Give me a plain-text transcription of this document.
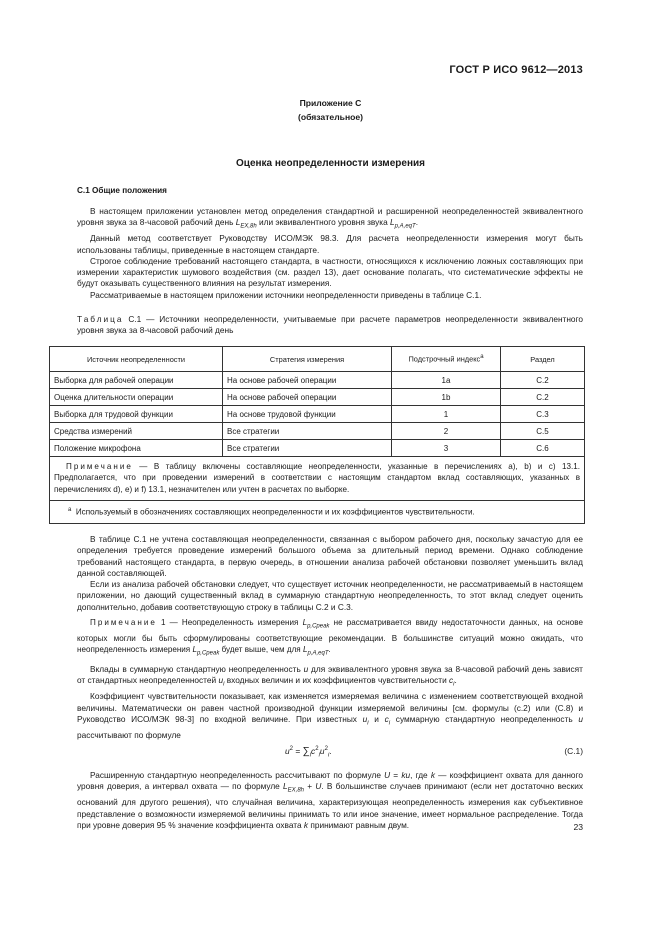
ГОСТ Р ИСО 9612—2013
Приложение С
(обязательное)
Оценка неопределенности измерения
С.1 Общие положения

В настоящем приложении установлен метод определения стандартной и расширенной неопределенностей эквивалентного уровня звука за 8-часовой рабочий день $L_{EX,8h}$ или эквивалентного уровня звука $L_{p,A,eqT}$.

Данный метод соответствует Руководству ИСО/МЭК 98.3. Для расчета неопределенности измерения могут быть использованы таблицы, приведенные в настоящем стандарте.

Строгое соблюдение требований настоящего стандарта, в частности, относящихся к исключению ложных составляющих при измерении характеристик шумового воздействия (см. раздел 13), дает основание полагать, что систематические эффекты не будут оказывать существенного влияния на результат измерения.

Рассматриваемые в настоящем приложении источники неопределенности приведены в таблице С.1.

Таблица С.1 — Источники неопределенности, учитываемые при расчете параметров неопределенности эквивалентного уровня звука за 8-часовой рабочий день

Источник неопределенности	Стратегия измерения	Подстрочный индекс$^a$	Раздел
Выборка для рабочей операции	На основе рабочей операции	1а	С.2
Оценка длительности операции	На основе рабочей операции	1b	С.2
Выборка для трудовой функции	На основе трудовой функции	1	С.3
Средства измерений	Все стратегии	2	С.5
Положение микрофона	Все стратегии	3	С.6
Примечание — В таблицу включены составляющие неопределенности, указанные в перечислениях а), b) и c) 13.1. Предполагается, что при проведении измерений в соответствии с настоящим стандартом вклад составляющих, указанных в перечислениях d), e) и f) 13.1, незначителен или учтен в расчетах по выборке.			
$^a$ Используемый в обозначениях составляющих неопределенности и их коэффициентов чувствительности.			

В таблице С.1 не учтена составляющая неопределенности, связанная с выбором рабочего дня, поскольку зачастую для ее определения требуется проведение измерений большого объема за длительный период времени. Однако соблюдение требований настоящего стандарта, в первую очередь, в отношении анализа рабочей обстановки позволяет уменьшить вклад данной составляющей.

Если из анализа рабочей обстановки следует, что существует источник неопределенности, не рассматриваемый в настоящем приложении, но дающий существенный вклад в суммарную стандартную неопределенность, то этот вклад следует оценить дополнительно, добавив соответствующую строку в таблицы С.2 и С.3.

Примечание 1 — Неопределенность измерения $L_{p,Cpeak}$ не рассматривается ввиду недостаточности данных, на основе которых могли бы быть сформулированы соответствующие рекомендации. В большинстве ситуаций можно ожидать, что неопределенность измерения $L_{p,Cpeak}$ будет выше, чем для $L_{p,A,eqT}$.

Вклады в суммарную стандартную неопределенность u для эквивалентного уровня звука за 8-часовой рабочий день зависят от стандартных неопределенностей $u_i$ входных величин и их коэффициентов чувствительности $c_i$.

Коэффициент чувствительности показывает, как изменяется измеряемая величина с изменением соответствующей входной величины. Математически он равен частной производной функции измеряемой величины [см. формулы (с.2) или (С.8) и Руководство ИСО/МЭК 98-3] по входной величине. При известных $u_i$ и $c_i$ суммарную стандартную неопределенность u рассчитывают по формуле

$u^2 = \sum_ic^2_iu^2_i$.	(С.1)

Расширенную стандартную неопределенность рассчитывают по формуле U = ku, где k — коэффициент охвата для данного уровня доверия, а интервал охвата — по формуле $L_{EX,8h} + U$. В большинстве случаев принимают (если нет достаточно веских оснований для другого решения), что случайная величина, характеризующая неопределенность измерения как субъективное представление о возможности измеряемой величины принимать то или иное значение, имеет нормальное распределение. Тогда при уровне доверия 95 % значение коэффициента охвата k принимают равным двум.	23
